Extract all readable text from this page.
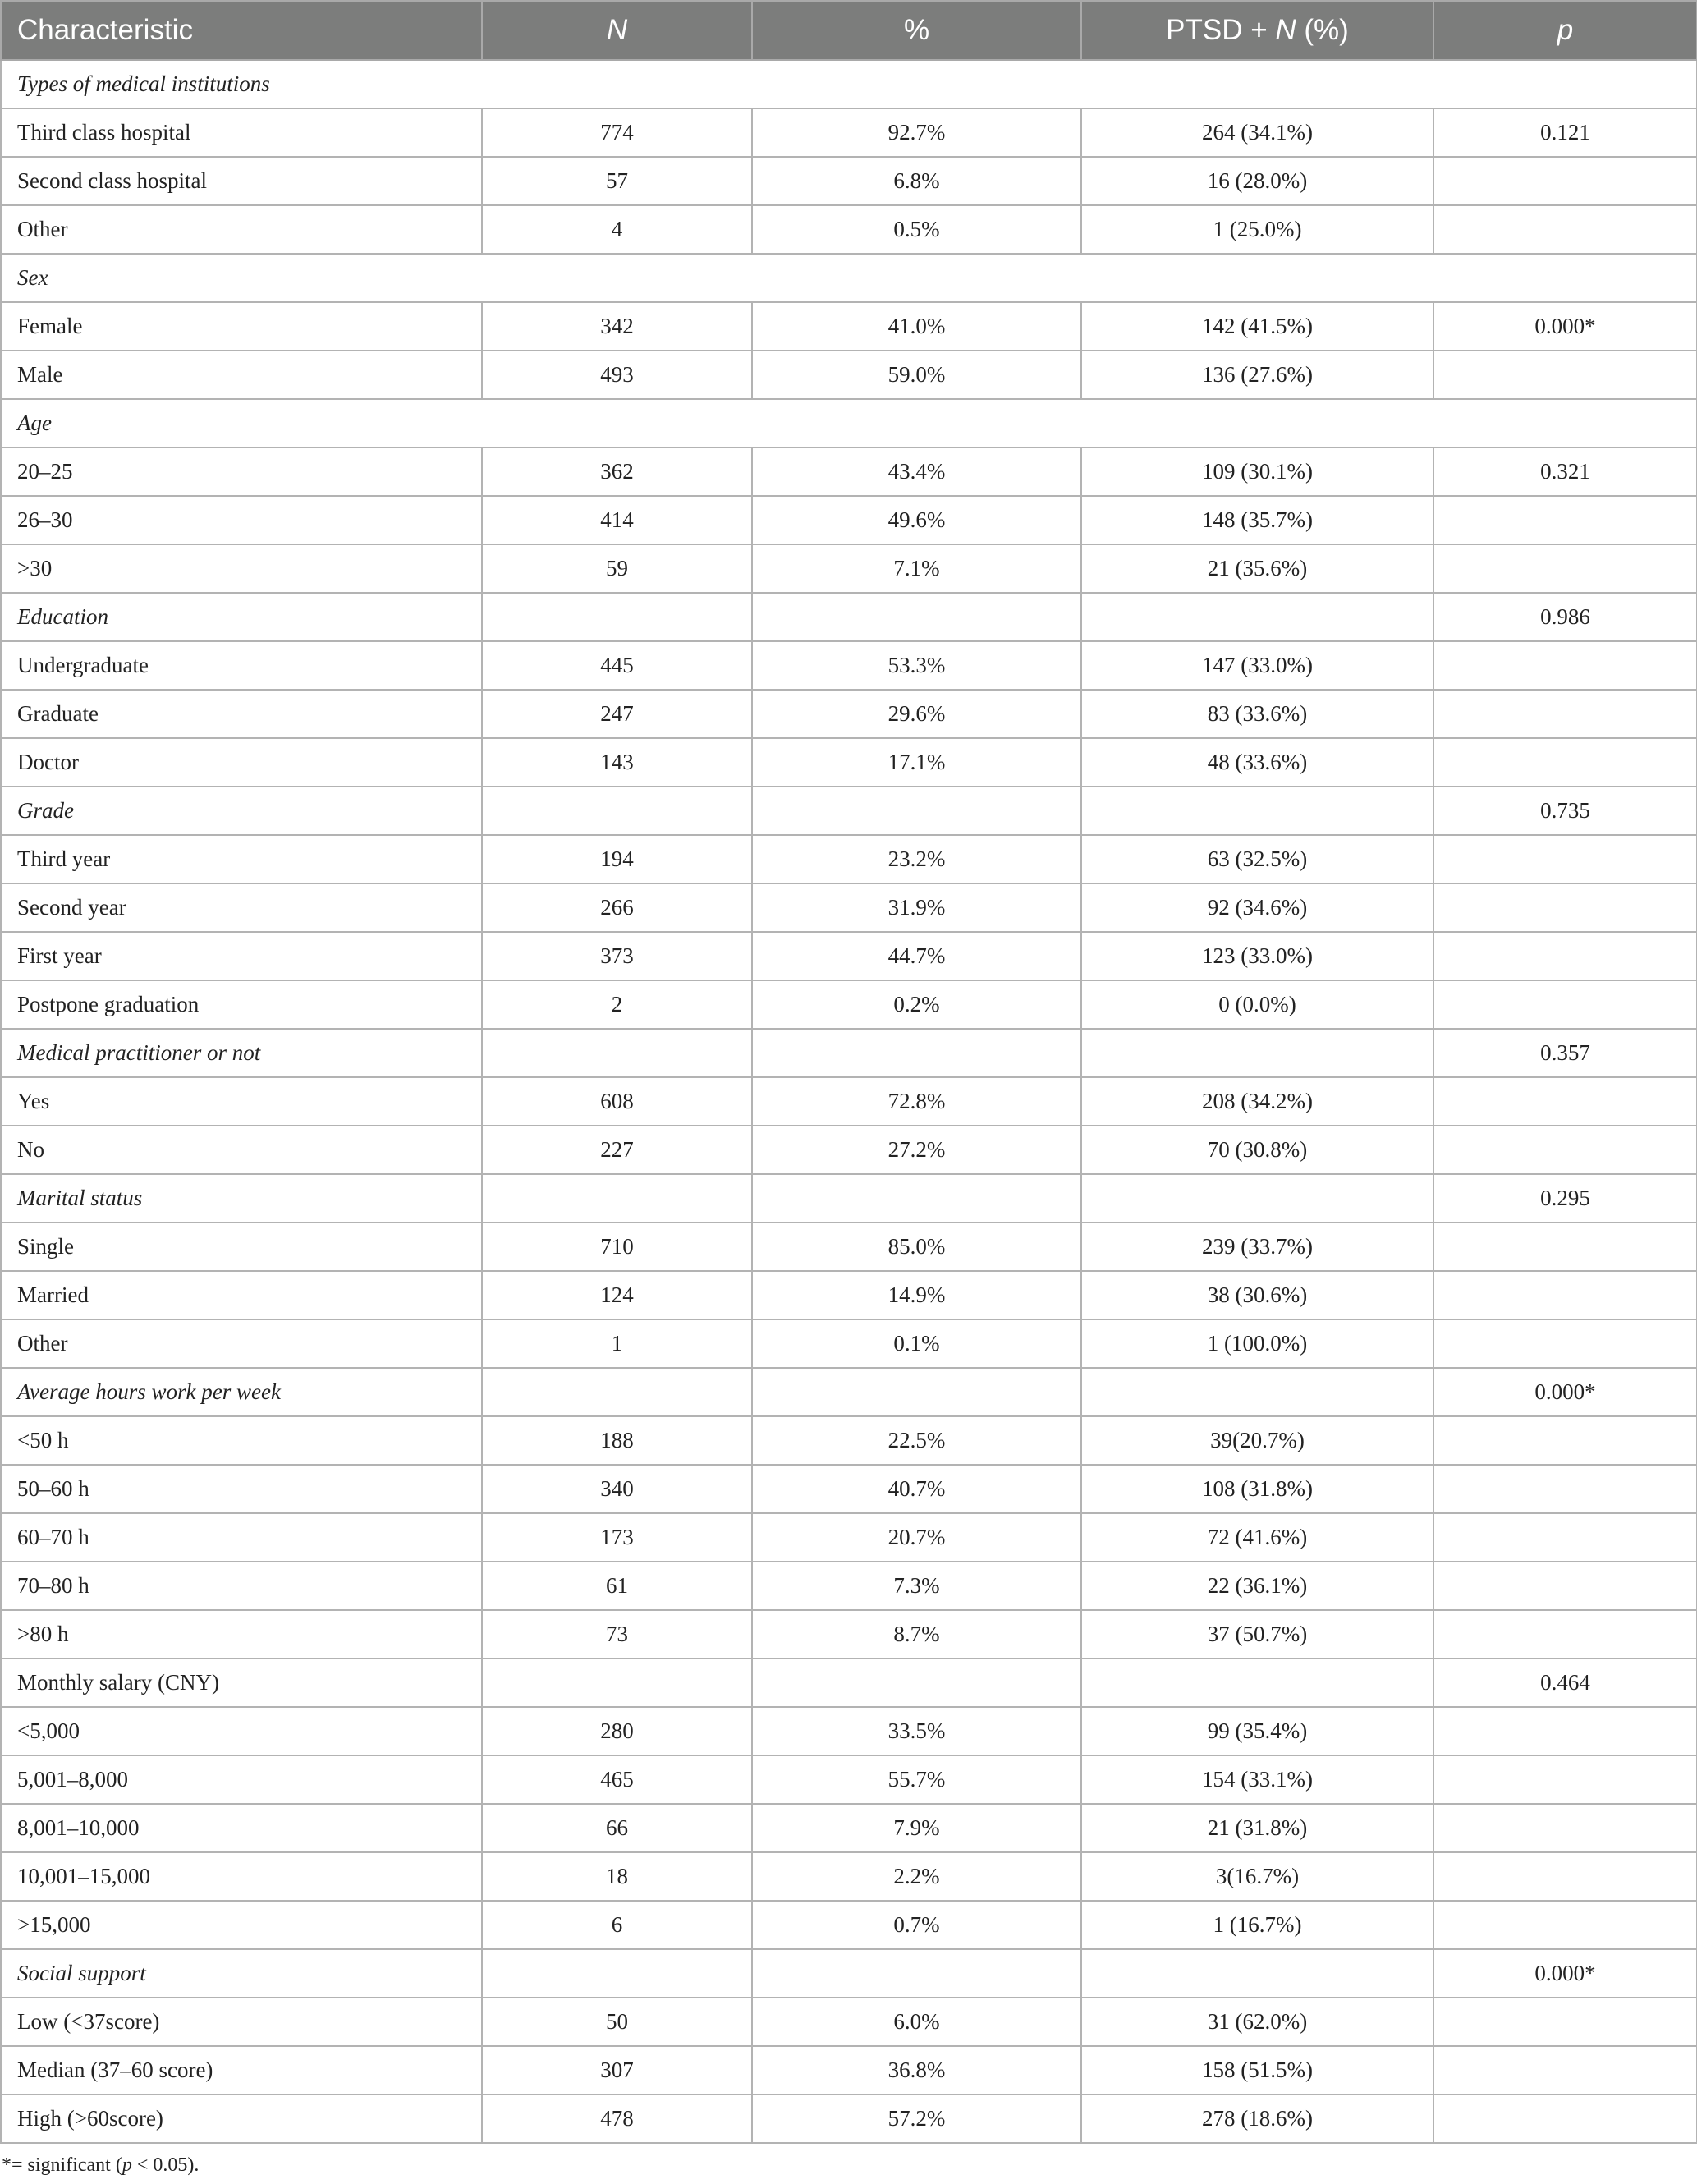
Characteristic	N	%	PTSD + N (%)	p
Types of medical institutions				
Third class hospital	774	92.7%	264 (34.1%)	0.121
Second class hospital	57	6.8%	16 (28.0%)	
Other	4	0.5%	1 (25.0%)	
Sex				
Female	342	41.0%	142 (41.5%)	0.000*
Male	493	59.0%	136 (27.6%)	
Age				
20–25	362	43.4%	109 (30.1%)	0.321
26–30	414	49.6%	148 (35.7%)	
>30	59	7.1%	21 (35.6%)	
Education				0.986
Undergraduate	445	53.3%	147 (33.0%)	
Graduate	247	29.6%	83 (33.6%)	
Doctor	143	17.1%	48 (33.6%)	
Grade				0.735
Third year	194	23.2%	63 (32.5%)	
Second year	266	31.9%	92 (34.6%)	
First year	373	44.7%	123 (33.0%)	
Postpone graduation	2	0.2%	0 (0.0%)	
Medical practitioner or not				0.357
Yes	608	72.8%	208 (34.2%)	
No	227	27.2%	70 (30.8%)	
Marital status				0.295
Single	710	85.0%	239 (33.7%)	
Married	124	14.9%	38 (30.6%)	
Other	1	0.1%	1 (100.0%)	
Average hours work per week				0.000*
<50 h	188	22.5%	39(20.7%)	
50–60 h	340	40.7%	108 (31.8%)	
60–70 h	173	20.7%	72 (41.6%)	
70–80 h	61	7.3%	22 (36.1%)	
>80 h	73	8.7%	37 (50.7%)	
Monthly salary (CNY)				0.464
<5,000	280	33.5%	99 (35.4%)	
5,001–8,000	465	55.7%	154 (33.1%)	
8,001–10,000	66	7.9%	21 (31.8%)	
10,001–15,000	18	2.2%	3(16.7%)	
>15,000	6	0.7%	1 (16.7%)	
Social support				0.000*
Low (<37score)	50	6.0%	31 (62.0%)	
Median (37–60 score)	307	36.8%	158 (51.5%)	
High (>60score)	478	57.2%	278 (18.6%)	
*= significant (p < 0.05).
